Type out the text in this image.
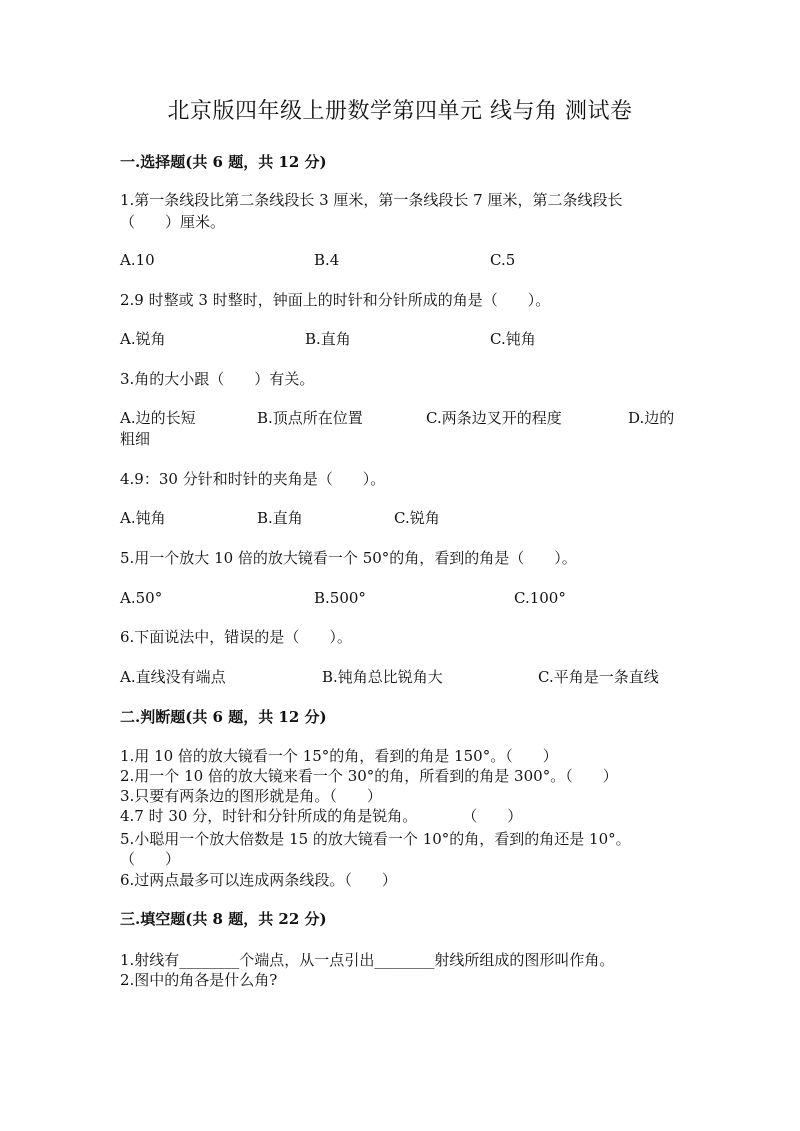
北京版四年级上册数学第四单元 线与角 测试卷
一.选择题(共 6 题，共 12 分)
1.第一条线段比第二条线段长 3 厘米，第一条线段长 7 厘米，第二条线段长
（　　）厘米。
A.10	B.4	C.5
2.9 时整或 3 时整时，钟面上的时针和分针所成的角是（　　）。
A.锐角	B.直角	C.钝角
3.角的大小跟（　　）有关。
A.边的长短	B.顶点所在位置	C.两条边叉开的程度	D.边的
粗细
4.9：30 分针和时针的夹角是（　　）。
A.钝角	B.直角	C.锐角
5.用一个放大 10 倍的放大镜看一个 50°的角，看到的角是（　　）。
A.50°	B.500°	C.100°
6.下面说法中，错误的是（　　）。
A.直线没有端点	B.钝角总比锐角大	C.平角是一条直线
二.判断题(共 6 题，共 12 分)
1.用 10 倍的放大镜看一个 15°的角，看到的角是 150°。（　　）
2.用一个 10 倍的放大镜来看一个 30°的角，所看到的角是 300°。（　　）
3.只要有两条边的图形就是角。（　　）
4.7 时 30 分，时针和分针所成的角是锐角。　　　　（　　）
5.小聪用一个放大倍数是 15 的放大镜看一个 10°的角，看到的角还是 10°。
（　　）
6.过两点最多可以连成两条线段。（　　）
三.填空题(共 8 题，共 22 分)
1.射线有________个端点，从一点引出________射线所组成的图形叫作角。
2.图中的角各是什么角?
